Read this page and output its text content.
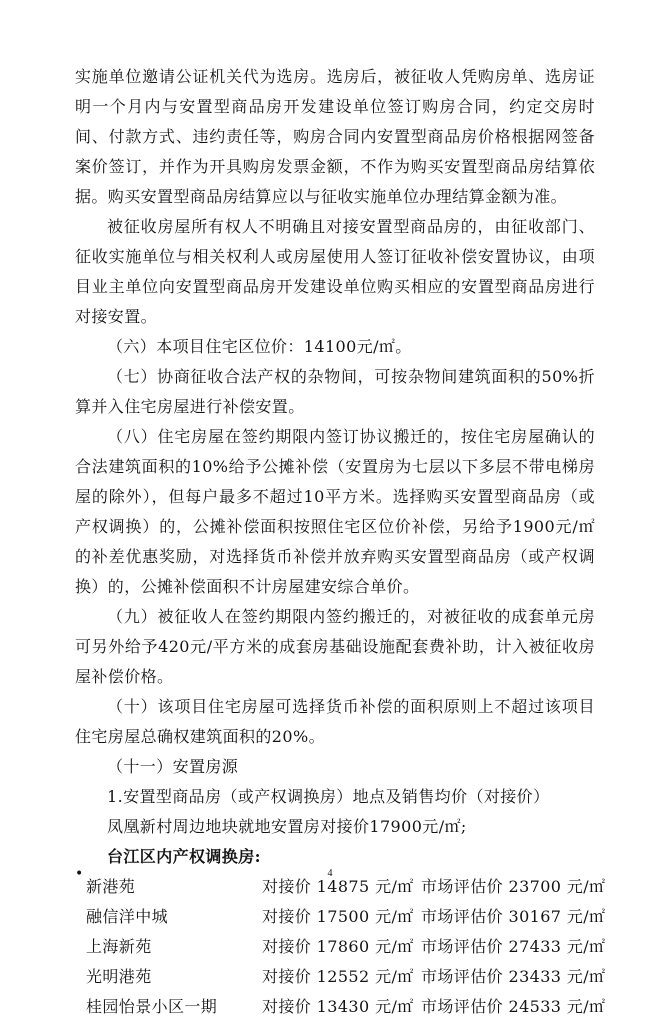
实施单位邀请公证机关代为选房。选房后，被征收人凭购房单、选房证明一个月内与安置型商品房开发建设单位签订购房合同，约定交房时间、付款方式、违约责任等，购房合同内安置型商品房价格根据网签备案价签订，并作为开具购房发票金额，不作为购买安置型商品房结算依据。购买安置型商品房结算应以与征收实施单位办理结算金额为准。

被征收房屋所有权人不明确且对接安置型商品房的，由征收部门、征收实施单位与相关权利人或房屋使用人签订征收补偿安置协议，由项目业主单位向安置型商品房开发建设单位购买相应的安置型商品房进行对接安置。

（六）本项目住宅区位价：14100元/㎡。

（七）协商征收合法产权的杂物间，可按杂物间建筑面积的50%折算并入住宅房屋进行补偿安置。

（八）住宅房屋在签约期限内签订协议搬迁的，按住宅房屋确认的合法建筑面积的10%给予公摊补偿（安置房为七层以下多层不带电梯房屋的除外），但每户最多不超过10平方米。选择购买安置型商品房（或产权调换）的，公摊补偿面积按照住宅区位价补偿，另给予1900元/㎡的补差优惠奖励，对选择货币补偿并放弃购买安置型商品房（或产权调换）的，公摊补偿面积不计房屋建安综合单价。

（九）被征收人在签约期限内签约搬迁的，对被征收的成套单元房可另外给予420元/平方米的成套房基础设施配套费补助，计入被征收房屋补偿价格。

（十）该项目住宅房屋可选择货币补偿的面积原则上不超过该项目住宅房屋总确权建筑面积的20%。

（十一）安置房源

1.安置型商品房（或产权调换房）地点及销售均价（对接价）

凤凰新村周边地块就地安置房对接价17900元/㎡;

台江区内产权调换房:

新港苑	对接价 14875 元/㎡ 市场评估价 23700 元/㎡
融信洋中城	对接价 17500 元/㎡ 市场评估价 30167 元/㎡
上海新苑	对接价 17860 元/㎡ 市场评估价 27433 元/㎡
光明港苑	对接价 12552 元/㎡ 市场评估价 23433 元/㎡
桂园怡景小区一期	对接价 13430 元/㎡ 市场评估价 24533 元/㎡
•	4
